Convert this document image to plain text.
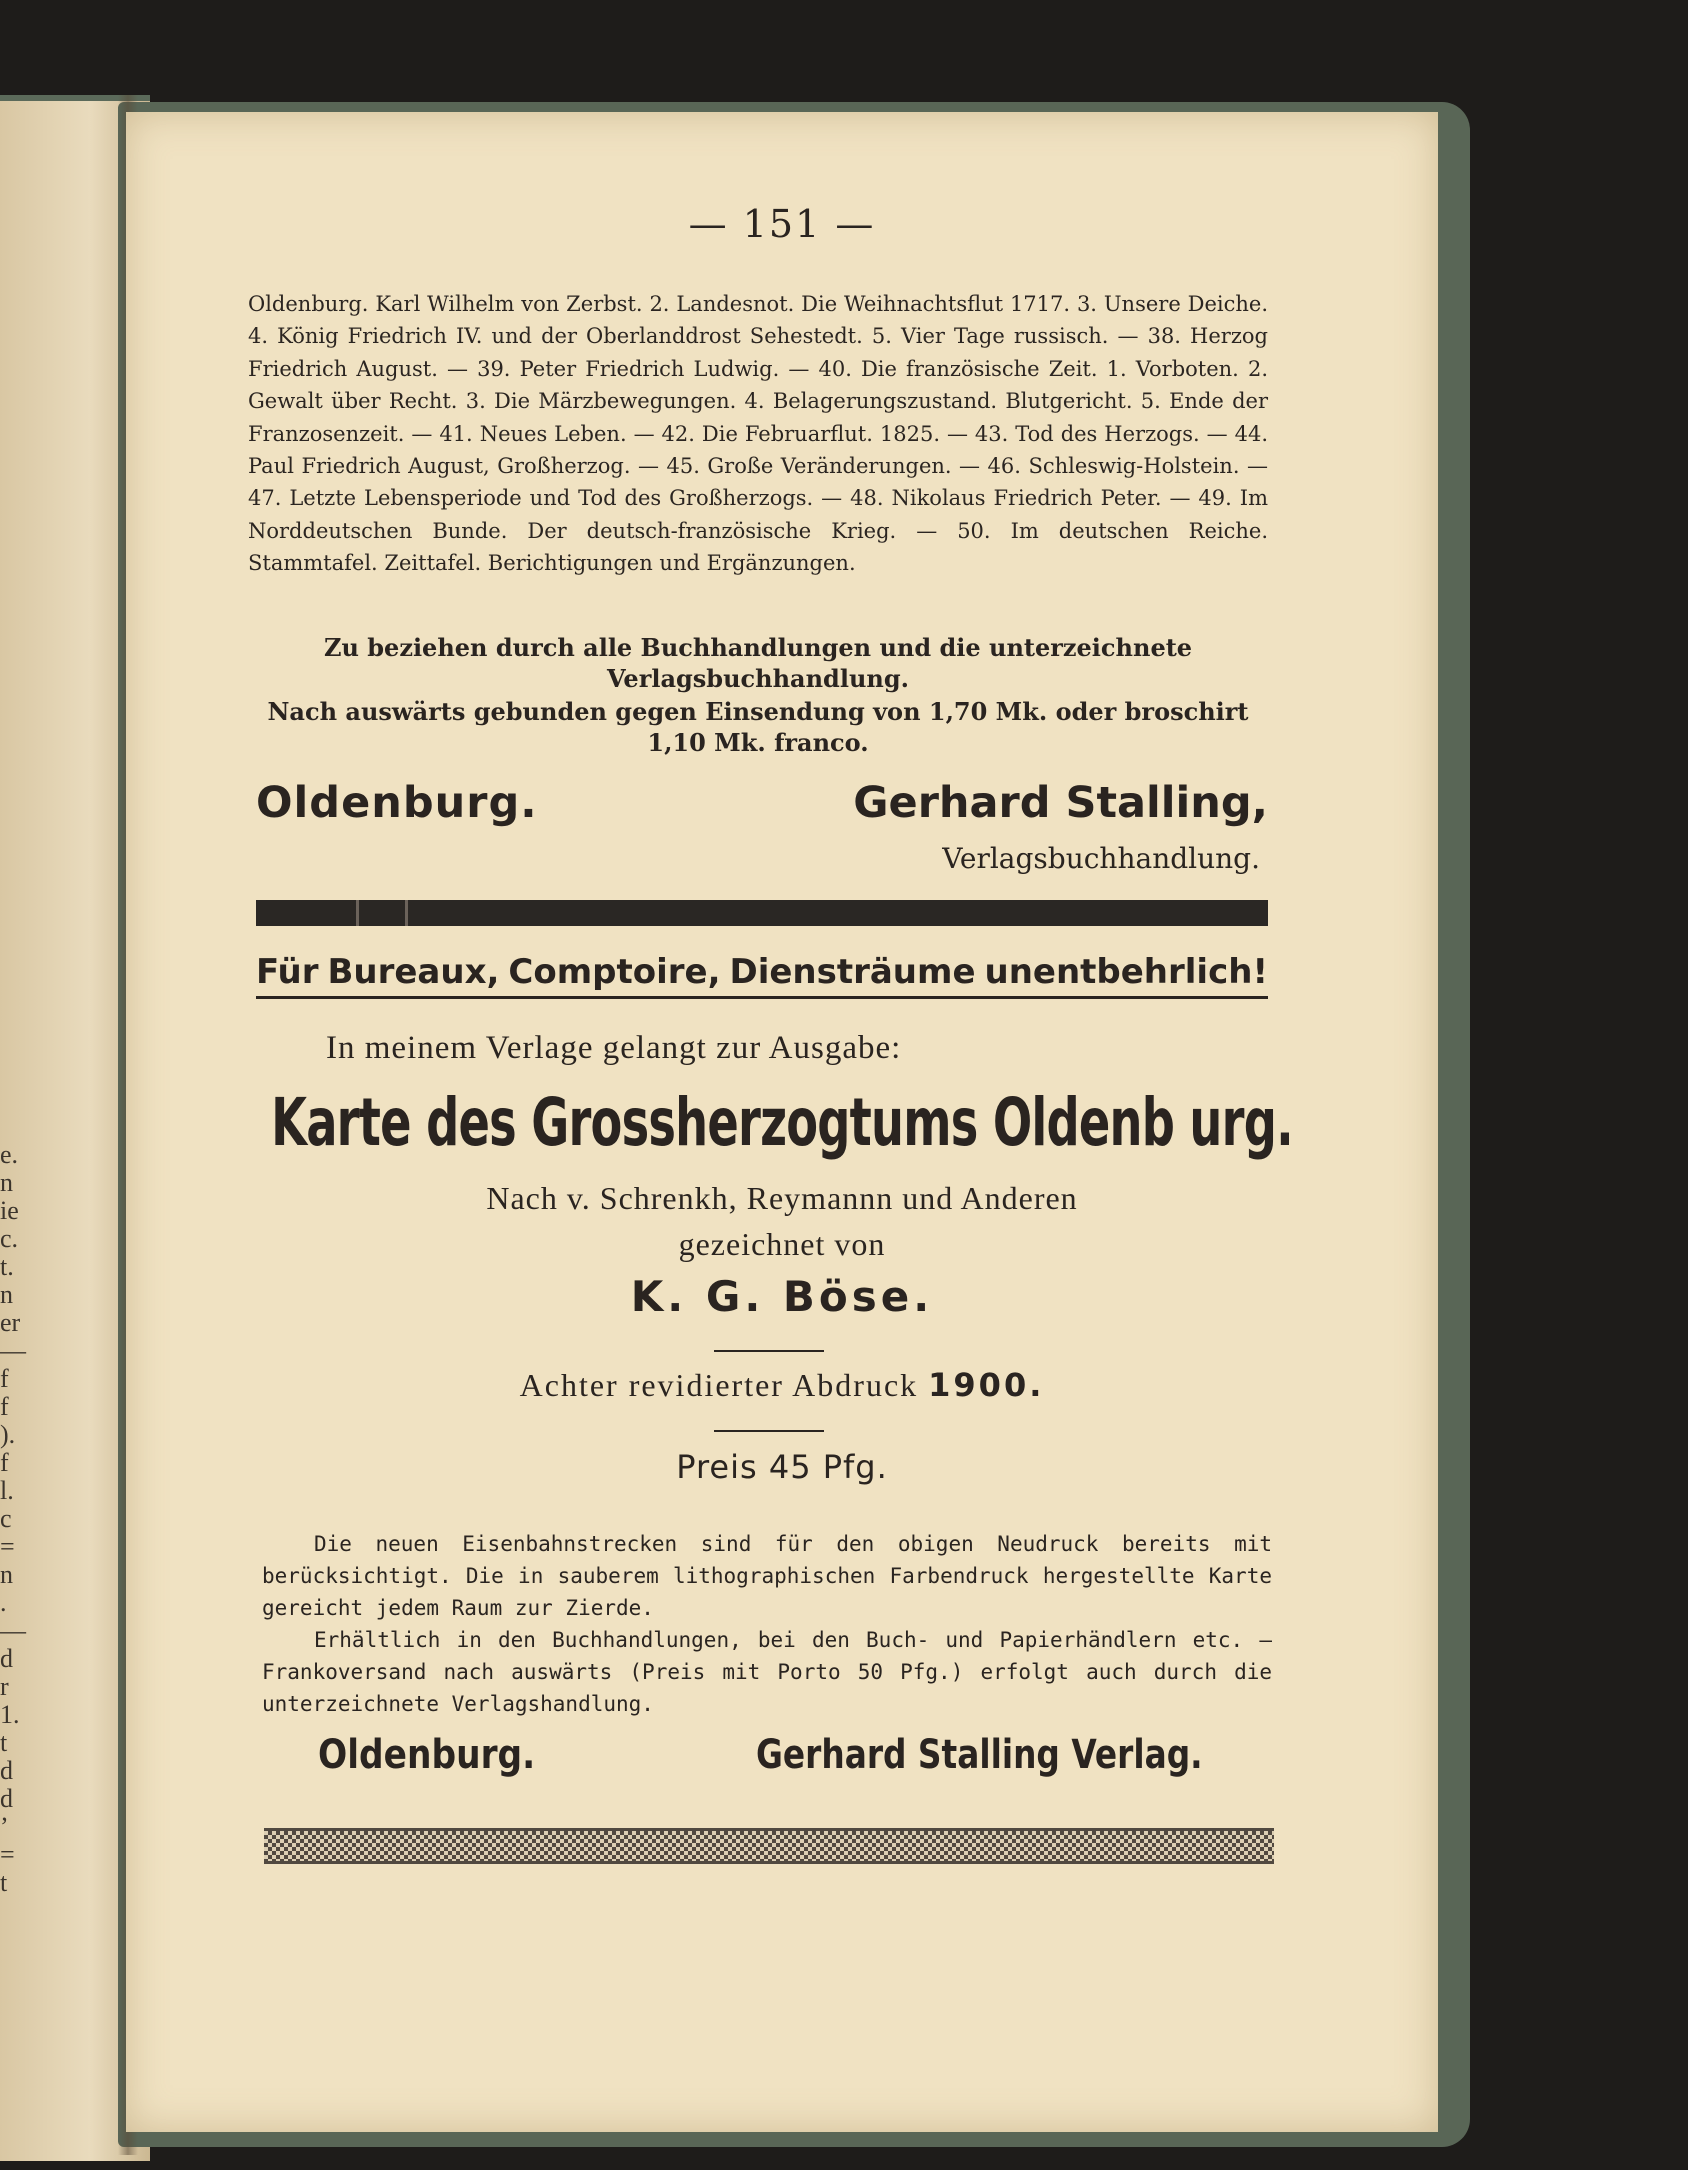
e.
n
ie
c.
t.
n
er
—
f
f
).
f
l.
c
=
n
.
—
d
r
1.
t
d
d
’
=
t
— 151 —
Oldenburg. Karl Wilhelm von Zerbst. 2. Landesnot. Die Weihnachtsflut 1717. 3. Unsere Deiche. 4. König Friedrich IV. und der Oberlanddrost Sehestedt. 5. Vier Tage russisch. — 38. Herzog Friedrich August. — 39. Peter Friedrich Ludwig. — 40. Die französische Zeit. 1. Vorboten. 2. Gewalt über Recht. 3. Die Märzbewegungen. 4. Belagerungszustand. Blutgericht. 5. Ende der Franzosenzeit. — 41. Neues Leben. — 42. Die Februarflut. 1825. — 43. Tod des Herzogs. — 44. Paul Friedrich August, Großherzog. — 45. Große Veränderungen. — 46. Schleswig-Holstein. — 47. Letzte Lebensperiode und Tod des Großherzogs. — 48. Nikolaus Friedrich Peter. — 49. Im Norddeutschen Bunde. Der deutsch-französische Krieg. — 50. Im deutschen Reiche. Stammtafel. Zeittafel. Berichtigungen und Ergänzungen.
Zu beziehen durch alle Buchhandlungen und die unterzeichnete Verlagsbuchhandlung.
Nach auswärts gebunden gegen Einsendung von 1,70 Mk. oder broschirt 1,10 Mk. franco.
Oldenburg.	Gerhard Stalling,
Verlagsbuchhandlung.
Für Bureaux, Comptoire, Diensträume unentbehrlich!
In meinem Verlage gelangt zur Ausgabe:
Karte des Grossherzogtums Oldenb urg.
Nach v. Schrenkh, Reymannn und Anderen
gezeichnet von
K. G. Böse.
Achter revidierter Abdruck 1900.
Preis 45 Pfg.

Die neuen Eisenbahnstrecken sind für den obigen Neudruck bereits mit berücksichtigt. Die in sauberem lithographischen Farbendruck hergestellte Karte gereicht jedem Raum zur Zierde.

Erhältlich in den Buchhandlungen, bei den Buch- und Papierhändlern etc. — Frankoversand nach auswärts (Preis mit Porto 50 Pfg.) erfolgt auch durch die unterzeichnete Verlagshandlung.

Oldenburg.	Gerhard Stalling Verlag.
